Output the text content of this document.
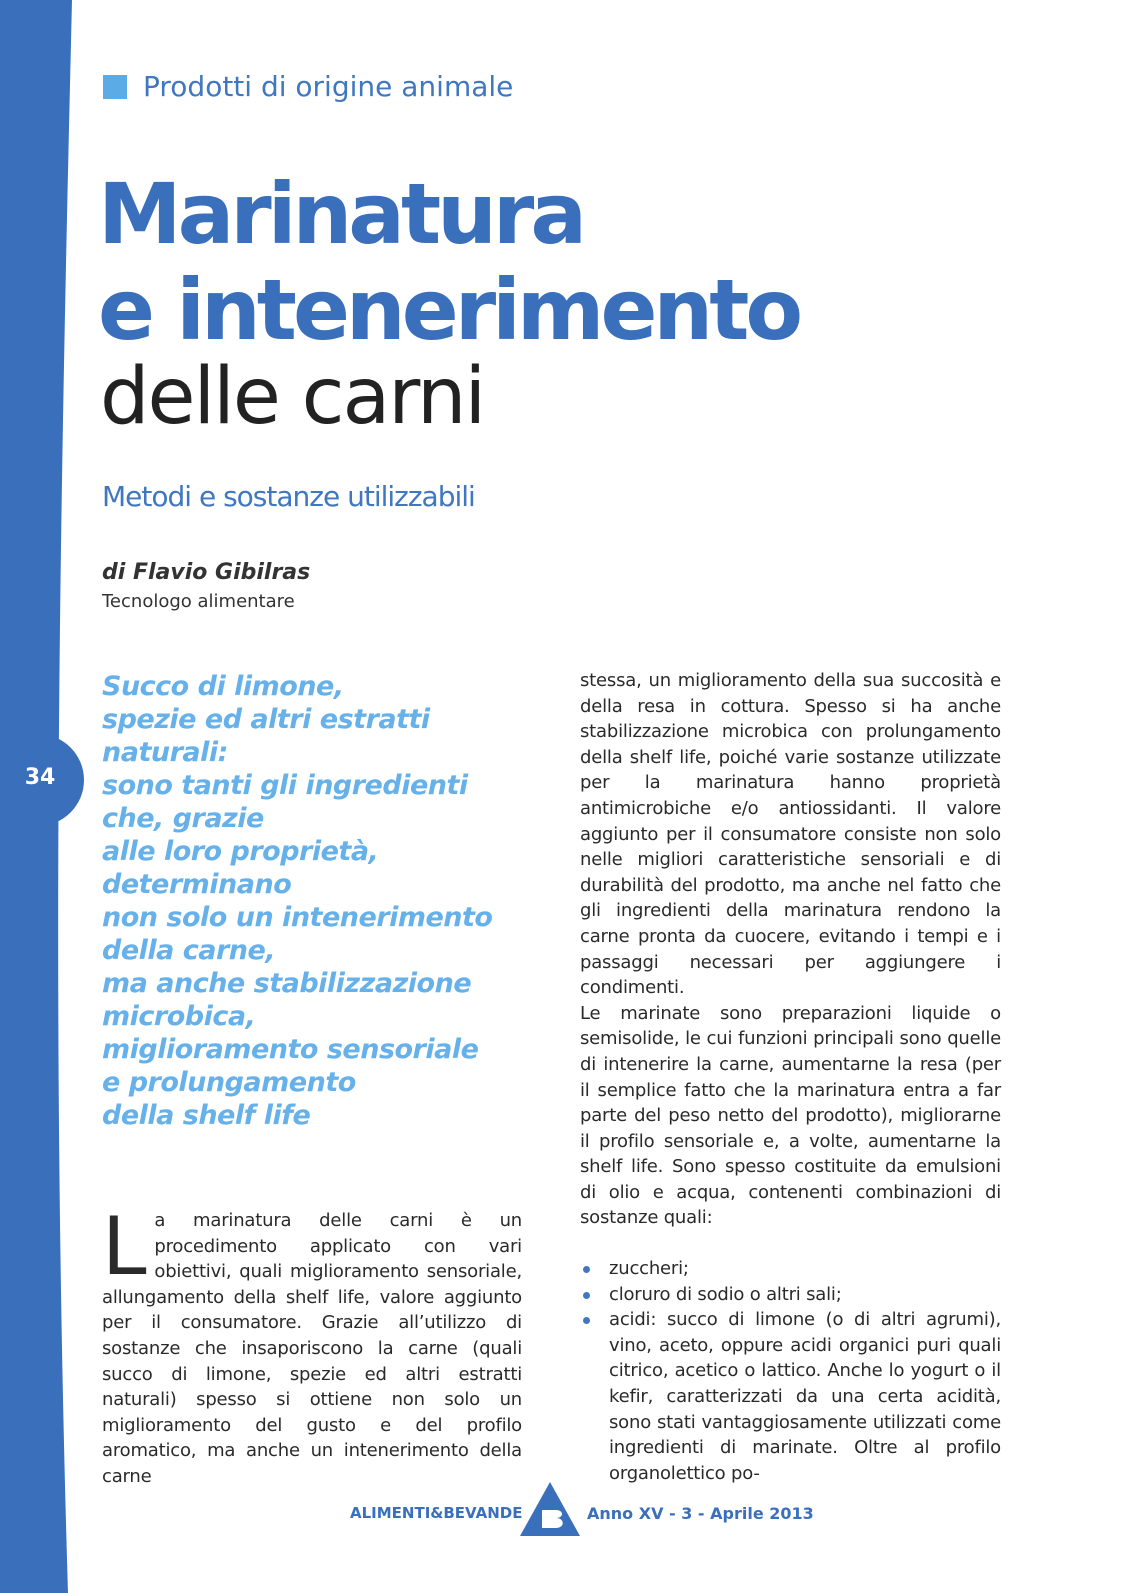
34
Prodotti di origine animale
Marinatura
e intenerimento
delle carni
Metodi e sostanze utilizzabili
di Flavio Gibilras
Tecnologo alimentare
Succo di limone,
spezie ed altri estratti
naturali:
sono tanti gli ingredienti
che, grazie
alle loro proprietà,
determinano
non solo un intenerimento
della carne,
ma anche stabilizzazione
microbica,
miglioramento sensoriale
e prolungamento
della shelf life
La marinatura delle carni è un procedimento applicato con vari obiettivi, quali miglioramento sensoriale, allungamento della shelf life, valore aggiunto per il consumatore. Grazie all’utilizzo di sostanze che insaporiscono la carne (quali succo di limone, spezie ed altri estratti naturali) spesso si ottiene non solo un miglioramento del gusto e del profilo aromatico, ma anche un intenerimento della carne

stessa, un miglioramento della sua succosità e della resa in cottura. Spesso si ha anche stabilizzazione microbica con prolungamento della shelf life, poiché varie sostanze utilizzate per la marinatura hanno proprietà antimicrobiche e/o antiossidanti. Il valore aggiunto per il consumatore consiste non solo nelle migliori caratteristiche sensoriali e di durabilità del prodotto, ma anche nel fatto che gli ingredienti della marinatura rendono la carne pronta da cuocere, evitando i tempi e i passaggi necessari per aggiungere i condimenti.

Le marinate sono preparazioni liquide o semisolide, le cui funzioni principali sono quelle di intenerire la carne, aumentarne la resa (per il semplice fatto che la marinatura entra a far parte del peso netto del prodotto), migliorarne il profilo sensoriale e, a volte, aumentarne la shelf life. Sono spesso costituite da emulsioni di olio e acqua, contenenti combinazioni di sostanze quali:

zuccheri;
cloruro di sodio o altri sali;
acidi: succo di limone (o di altri agrumi), vino, aceto, oppure acidi organici puri quali citrico, acetico o lattico. Anche lo yogurt o il kefir, caratterizzati da una certa acidità, sono stati vantaggiosamente utilizzati come ingredienti di marinate. Oltre al profilo organolettico po-
ALIMENTI&BEVANDE	Anno XV - 3 - Aprile 2013
